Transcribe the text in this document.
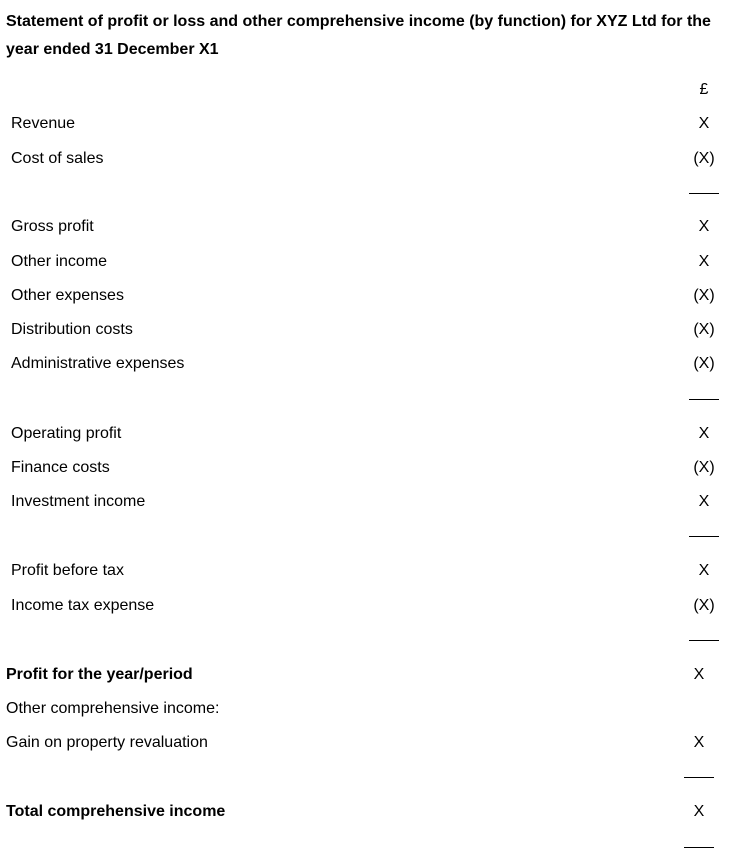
Statement of profit or loss and other comprehensive income (by function) for XYZ Ltd for the year ended 31 December X1
£
Revenue	X
Cost of sales	(X)
Gross profit	X
Other income	X
Other expenses	(X)
Distribution costs	(X)
Administrative expenses	(X)
Operating profit	X
Finance costs	(X)
Investment income	X
Profit before tax	X
Income tax expense	(X)
Profit for the year/period	X
Other comprehensive income:
Gain on property revaluation	X
Total comprehensive income	X
